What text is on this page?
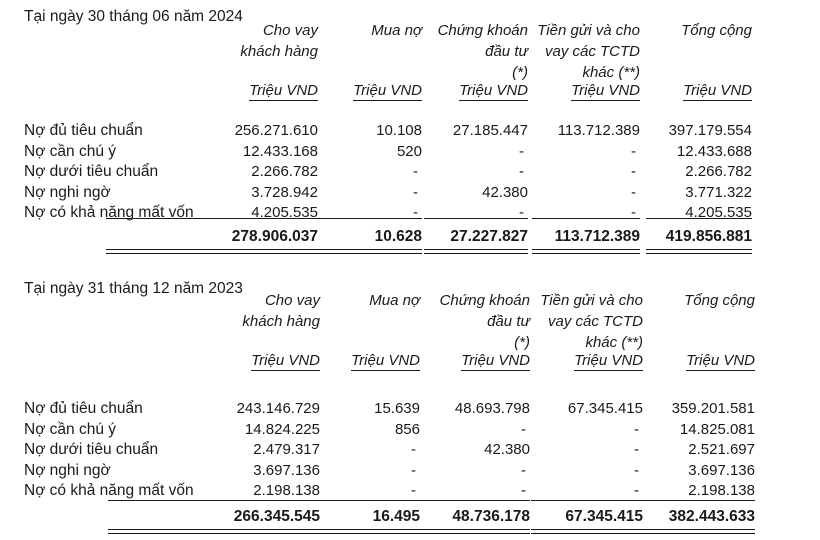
Tại ngày 30 tháng 06 năm 2024
Cho vay
khách hàng
Triệu VND
Mua nợ
Triệu VND
Chứng khoán
đầu tư
(*)
Triệu VND
Tiền gửi và cho
vay các TCTD
khác (**)
Triệu VND
Tổng cộng
Triệu VND
Nợ đủ tiêu chuẩn	256.271.610	10.108 27.185.447 113.712.389 397.179.554
Nợ cần chú ý	12.433.168	520	-	-	12.433.688
Nợ dưới tiêu chuẩn	2.266.782	-	-	-	2.266.782
Nợ nghi ngờ	3.728.942	-	42.380	-	3.771.322
Nợ có khả năng mất vốn	4.205.535	-	-	-	4.205.535
278.906.037	10.628 27.227.827 113.712.389 419.856.881
Tại ngày 31 tháng 12 năm 2023
Cho vay
khách hàng
Triệu VND
Mua nợ
Triệu VND
Chứng khoán
đầu tư
(*)
Triệu VND
Tiền gửi và cho
vay các TCTD
khác (**)
Triệu VND
Tổng cộng
Triệu VND
Nợ đủ tiêu chuẩn	243.146.729	15.639 48.693.798	67.345.415 359.201.581
Nợ cần chú ý	14.824.225	856	-	-	14.825.081
Nợ dưới tiêu chuẩn	2.479.317	-	42.380	-	2.521.697
Nợ nghi ngờ	3.697.136	-	-	-	3.697.136
Nợ có khả năng mất vốn	2.198.138	-	-	-	2.198.138
266.345.545	16.495 48.736.178 67.345.415 382.443.633
